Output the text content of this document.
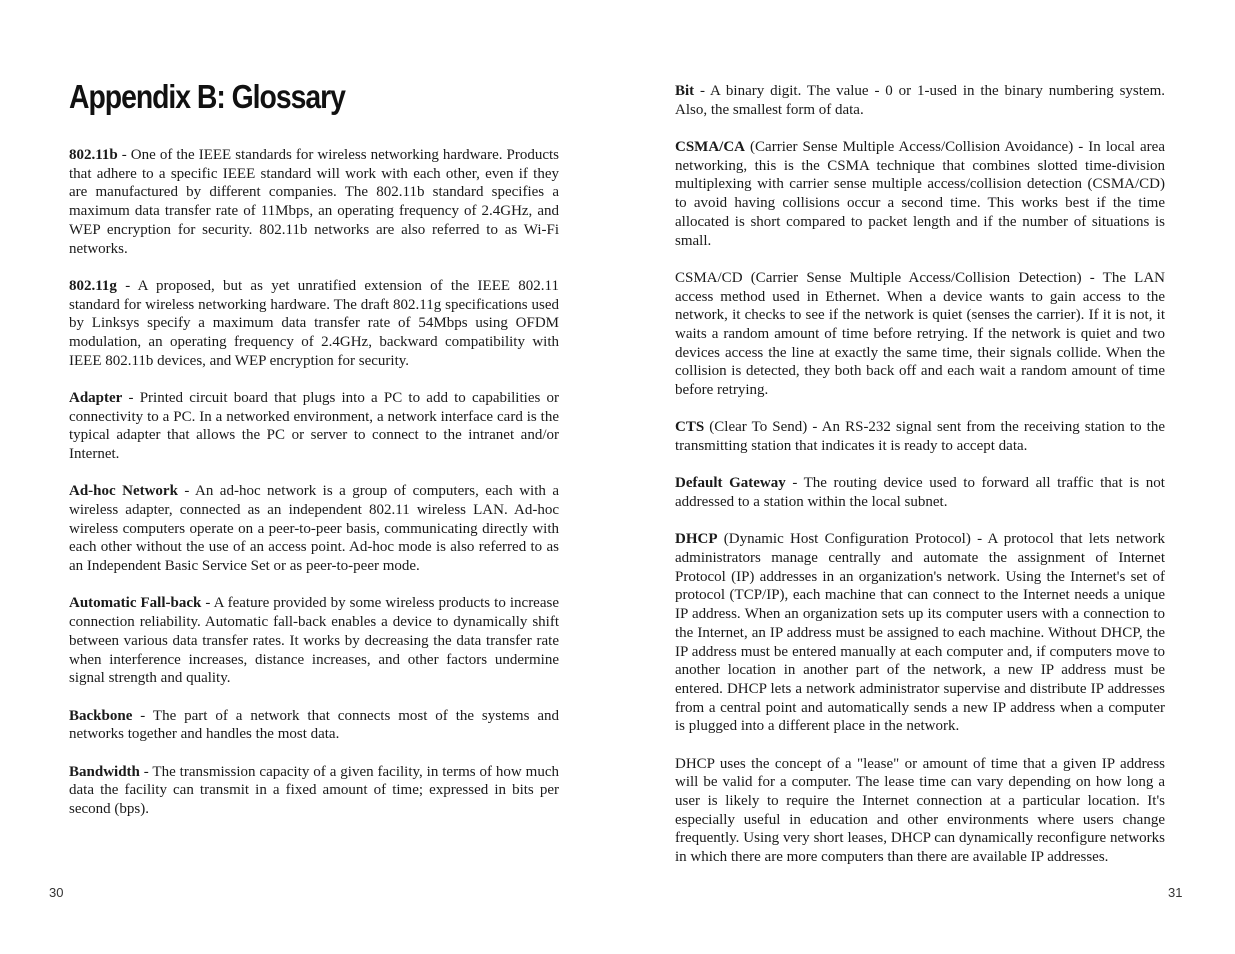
Appendix B: Glossary

802.11b - One of the IEEE standards for wireless networking hardware. Products that adhere to a specific IEEE standard will work with each other, even if they are manufactured by different companies. The 802.11b standard specifies a maximum data transfer rate of 11Mbps, an operating frequency of 2.4GHz, and WEP encryption for security. 802.11b networks are also referred to as Wi-Fi networks.

802.11g - A proposed, but as yet unratified extension of the IEEE 802.11 standard for wireless networking hardware. The draft 802.11g specifications used by Linksys specify a maximum data transfer rate of 54Mbps using OFDM modulation, an operating frequency of 2.4GHz, backward compatibility with IEEE 802.11b devices, and WEP encryption for security.

Adapter - Printed circuit board that plugs into a PC to add to capabilities or connectivity to a PC. In a networked environment, a network interface card is the typical adapter that allows the PC or server to connect to the intranet and/or Internet.

Ad-hoc Network - An ad-hoc network is a group of computers, each with a wireless adapter, connected as an independent 802.11 wireless LAN. Ad-hoc wireless computers operate on a peer-to-peer basis, communicating directly with each other without the use of an access point. Ad-hoc mode is also referred to as an Independent Basic Service Set or as peer-to-peer mode.

Automatic Fall-back - A feature provided by some wireless products to increase connection reliability. Automatic fall-back enables a device to dynamically shift between various data transfer rates. It works by decreasing the data transfer rate when interference increases, distance increases, and other factors undermine signal strength and quality.

Backbone - The part of a network that connects most of the systems and networks together and handles the most data.

Bandwidth - The transmission capacity of a given facility, in terms of how much data the facility can transmit in a fixed amount of time; expressed in bits per second (bps).

Bit - A binary digit. The value - 0 or 1-used in the binary numbering system. Also, the smallest form of data.

CSMA/CA (Carrier Sense Multiple Access/Collision Avoidance) - In local area networking, this is the CSMA technique that combines slotted time-division multiplexing with carrier sense multiple access/collision detection (CSMA/CD) to avoid having collisions occur a second time. This works best if the time allocated is short compared to packet length and if the number of situations is small.

CSMA/CD (Carrier Sense Multiple Access/Collision Detection) - The LAN access method used in Ethernet. When a device wants to gain access to the network, it checks to see if the network is quiet (senses the carrier). If it is not, it waits a random amount of time before retrying. If the network is quiet and two devices access the line at exactly the same time, their signals collide. When the collision is detected, they both back off and each wait a random amount of time before retrying.

CTS (Clear To Send) - An RS-232 signal sent from the receiving station to the transmitting station that indicates it is ready to accept data.

Default Gateway - The routing device used to forward all traffic that is not addressed to a station within the local subnet.

DHCP (Dynamic Host Configuration Protocol) - A protocol that lets network administrators manage centrally and automate the assignment of Internet Protocol (IP) addresses in an organization's network. Using the Internet's set of protocol (TCP/IP), each machine that can connect to the Internet needs a unique IP address. When an organization sets up its computer users with a connection to the Internet, an IP address must be assigned to each machine. Without DHCP, the IP address must be entered manually at each computer and, if computers move to another location in another part of the network, a new IP address must be entered. DHCP lets a network administrator supervise and distribute IP addresses from a central point and automatically sends a new IP address when a computer is plugged into a different place in the network.

DHCP uses the concept of a "lease" or amount of time that a given IP address will be valid for a computer. The lease time can vary depending on how long a user is likely to require the Internet connection at a particular location. It's especially useful in education and other environments where users change frequently. Using very short leases, DHCP can dynamically reconfigure networks in which there are more computers than there are available IP addresses.

30	31
